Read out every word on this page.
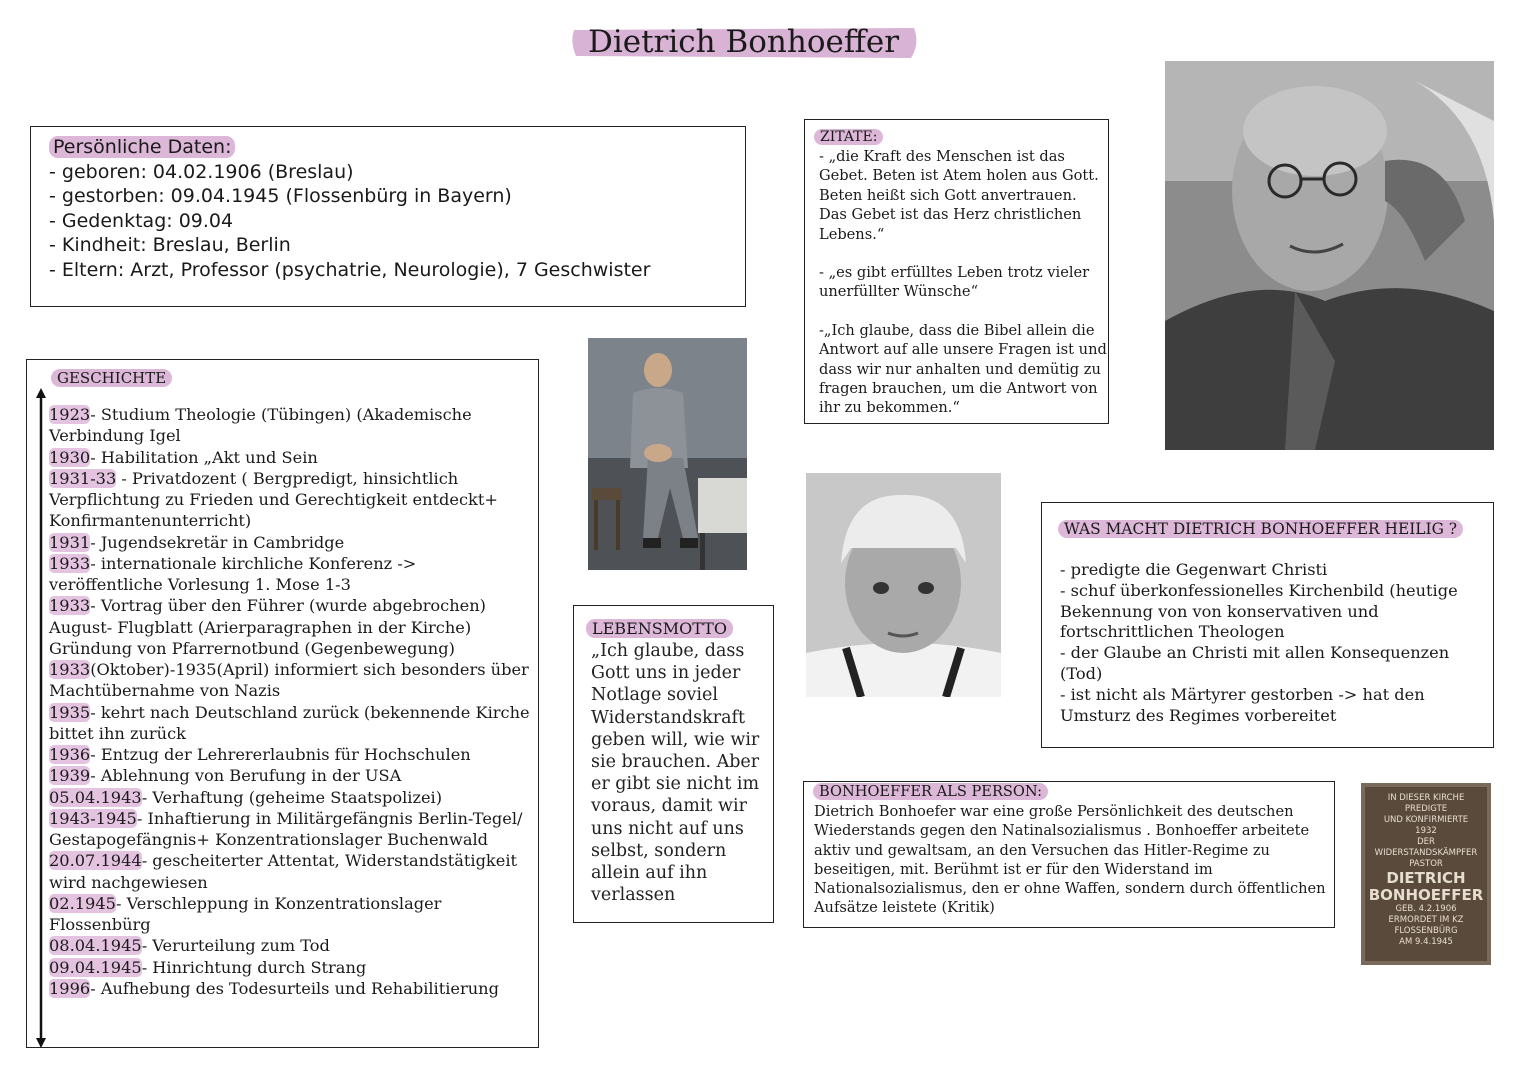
Dietrich Bonhoeffer
Persönliche Daten:
- geboren: 04.02.1906 (Breslau)
- gestorben: 09.04.1945 (Flossenbürg in Bayern)
- Gedenktag: 09.04
- Kindheit: Breslau, Berlin
- Eltern: Arzt, Professor (psychatrie, Neurologie), 7 Geschwister
GESCHICHTE
1923- Studium Theologie (Tübingen) (Akademische Verbindung Igel
1930- Habilitation „Akt und Sein
1931-33 - Privatdozent ( Bergpredigt, hinsichtlich Verpflichtung zu Frieden und Gerechtigkeit entdeckt+ Konfirmantenunterricht)
1931- Jugendsekretär in Cambridge
1933- internationale kirchliche Konferenz -> veröffentliche Vorlesung 1. Mose 1-3
1933- Vortrag über den Führer (wurde abgebrochen) August- Flugblatt (Arierparagraphen in der Kirche) Gründung von Pfarrernotbund (Gegenbewegung)
1933(Oktober)-1935(April) informiert sich besonders über Machtübernahme von Nazis
1935- kehrt nach Deutschland zurück (bekennende Kirche bittet ihn zurück
1936- Entzug der Lehrererlaubnis für Hochschulen
1939- Ablehnung von Berufung in der USA
05.04.1943- Verhaftung (geheime Staatspolizei)
1943-1945- Inhaftierung in Militärgefängnis Berlin-Tegel/ Gestapogefängnis+ Konzentrationslager Buchenwald
20.07.1944- gescheiterter Attentat, Widerstandstätigkeit wird nachgewiesen
02.1945- Verschleppung in Konzentrationslager Flossenbürg
08.04.1945- Verurteilung zum Tod
09.04.1945- Hinrichtung durch Strang
1996- Aufhebung des Todesurteils und Rehabilitierung
LEBENSMOTTO
„Ich glaube, dass Gott uns in jeder Notlage soviel Widerstandskraft geben will, wie wir sie brauchen. Aber er gibt sie nicht im voraus, damit wir uns nicht auf uns selbst, sondern allein auf ihn verlassen
ZITATE:
- „die Kraft des Menschen ist das Gebet. Beten ist Atem holen aus Gott. Beten heißt sich Gott anvertrauen. Das Gebet ist das Herz christlichen Lebens.“
- „es gibt erfülltes Leben trotz vieler unerfüllter Wünsche“
-„Ich glaube, dass die Bibel allein die Antwort auf alle unsere Fragen ist und dass wir nur anhalten und demütig zu fragen brauchen, um die Antwort von ihr zu bekommen.“
WAS MACHT DIETRICH BONHOEFFER HEILIG ?
- predigte die Gegenwart Christi
- schuf überkonfessionelles Kirchenbild (heutige Bekennung von von konservativen und fortschrittlichen Theologen
- der Glaube an Christi mit allen Konsequenzen (Tod)
- ist nicht als Märtyrer gestorben -> hat den Umsturz des Regimes vorbereitet
BONHOEFFER ALS PERSON:
Dietrich Bonhoefer war eine große Persönlichkeit des deutschen Wiederstands gegen den Natinalsozialismus . Bonhoeffer arbeitete aktiv und gewaltsam, an den Versuchen das Hitler-Regime zu beseitigen, mit. Berühmt ist er für den Widerstand im Nationalsozialismus, den er ohne Waffen, sondern durch öffentlichen Aufsätze leistete (Kritik)
IN DIESER KIRCHE
PREDIGTE
UND KONFIRMIERTE
1932
DER
WIDERSTANDSKÄMPFER
PASTOR
DIETRICH
BONHOEFFER
GEB. 4.2.1906
ERMORDET IM KZ
FLOSSENBÜRG
AM 9.4.1945
